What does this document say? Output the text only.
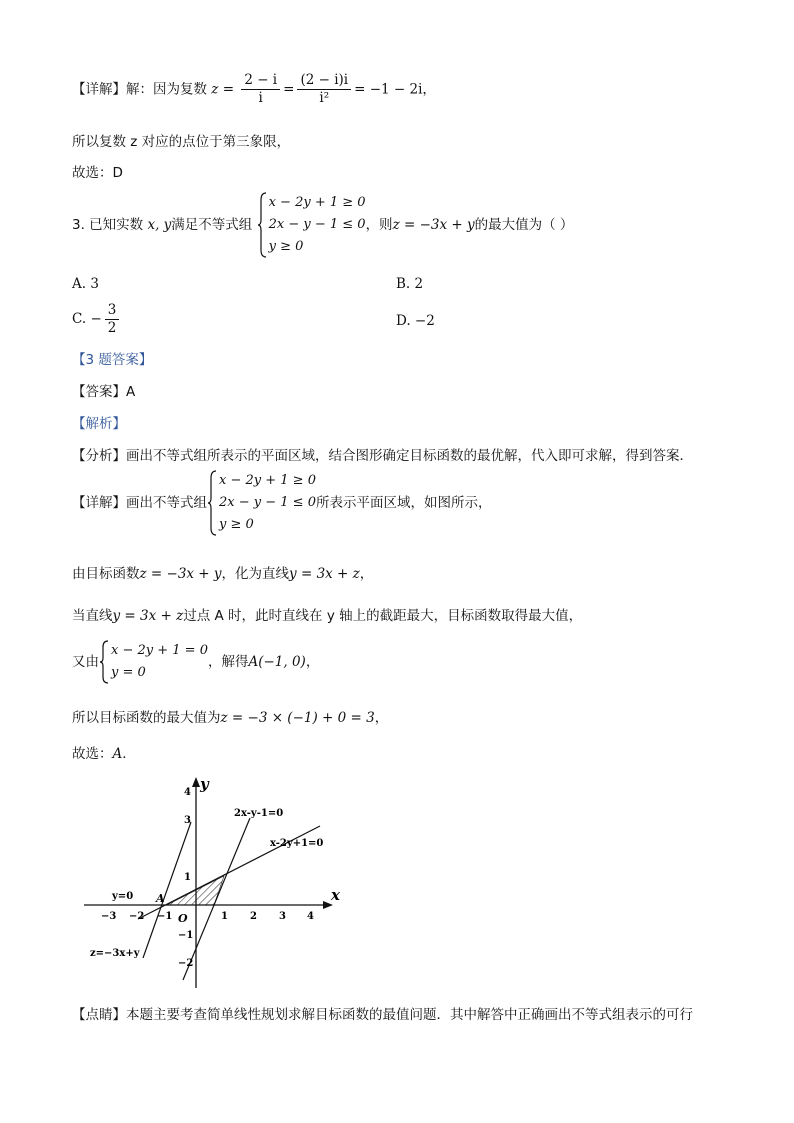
【详解】解：因为复数 $z = \frac{2 - i}{i} = \frac{(2 - i)i}{\text{i²}} = -1 - 2i$，
所以复数 z 对应的点位于第三象限，
故选：D
3. 已知实数 x, y满足不等式组
x − 2y + 1 ≥ 0
2x − y − 1 ≤ 0
y ≥ 0
，则z = −3x + y的最大值为（ ）
A. 3	B. 2
C. − $\frac{3}{2}$	D. −2
【3 题答案】
【答案】A
【解析】
【分析】画出不等式组所表示的平面区域，结合图形确定目标函数的最优解，代入即可求解，得到答案．
【详解】画出不等式组
x − 2y + 1 ≥ 0
2x − y − 1 ≤ 0
y ≥ 0
所表示平面区域，如图所示，
由目标函数z = −3x + y，化为直线y = 3x + z，
当直线y = 3x + z过点 A 时，此时直线在 y 轴上的截距最大，目标函数取得最大值，
又由
x − 2y + 1 = 0
y = 0
，解得A(−1, 0)，
所以目标函数的最大值为z = −3 × (−1) + 0 = 3，
故选：A．
x
y
O
A
−3 −2 −1	1 2 3 4
4
3
1
−1
−2
2x-y-1=0
x-2y+1=0
y=0
z=−3x+y
【点睛】本题主要考查简单线性规划求解目标函数的最值问题．其中解答中正确画出不等式组表示的可行
